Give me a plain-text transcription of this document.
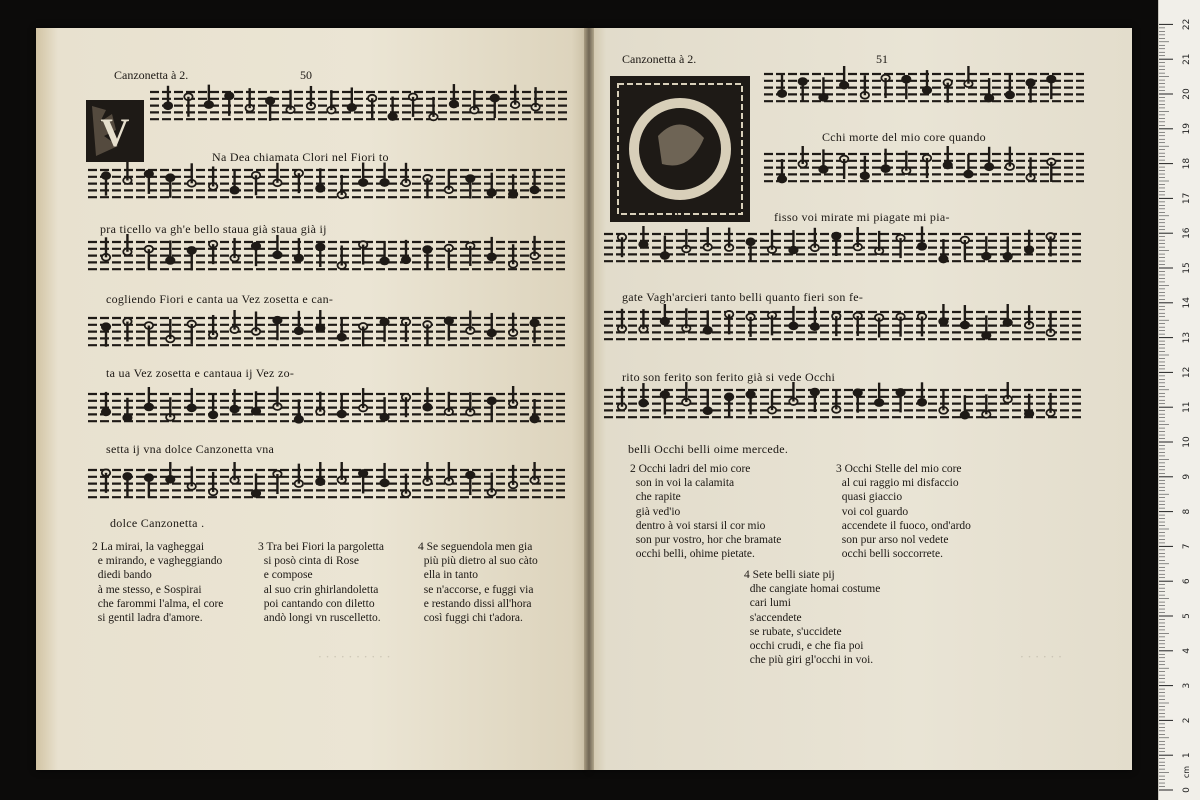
Canzonetta à 2.	50
Canzonetta à 2.	51
· · · · · · · · · ·	· · · · · ·
V
O
Na Dea chiamata Clori nel Fiori to
pra ticello va gh'e bello staua già staua già ij
cogliendo Fiori e canta ua Vez zosetta e can-
ta ua Vez zosetta e cantaua ij Vez zo-
setta ij vna dolce Canzonetta vna
dolce Canzonetta .
2 La mirai, la vagheggai
e mirando, e vagheggiando
diedi bando
à me stesso, e Sospirai
che farommi l'alma, el core
si gentil ladra d'amore.
3 Tra bei Fiori la pargoletta
si posò cinta di Rose
e compose
al suo crin ghirlandoletta
poi cantando con diletto
andò longi vn ruscelletto.
4 Se seguendola men gia
più più dietro al suo càto
ella in tanto
se n'accorse, e fuggi via
e restando dissi all'hora
così fuggi chi t'adora.
Cchi morte del mio core quando
fisso voi mirate mi piagate mi pia-
gate Vagh'arcieri tanto belli quanto fieri son fe-
rito son ferito son ferito già si vede Occhi
belli Occhi belli oime mercede.
2 Occhi ladri del mio core
son in voi la calamita
che rapite
già ved'io
dentro à voi starsi il cor mio
son pur vostro, hor che bramate
occhi belli, ohime pietate.
3 Occhi Stelle del mio core
al cui raggio mi disfaccio
quasi giaccio
voi col guardo
accendete il fuoco, ond'ardo
son pur arso nol vedete
occhi belli soccorrete.
4 Sete belli siate pij
dhe cangiate homai costume
cari lumi
s'accendete
se rubate, s'uccidete
occhi crudi, e che fia poi
che più giri gl'occhi in voi.
0
1
2
3
4
5
6
7
8
9
10
11
12
13
14
15
16
17
18
19
20
21
22
cm
